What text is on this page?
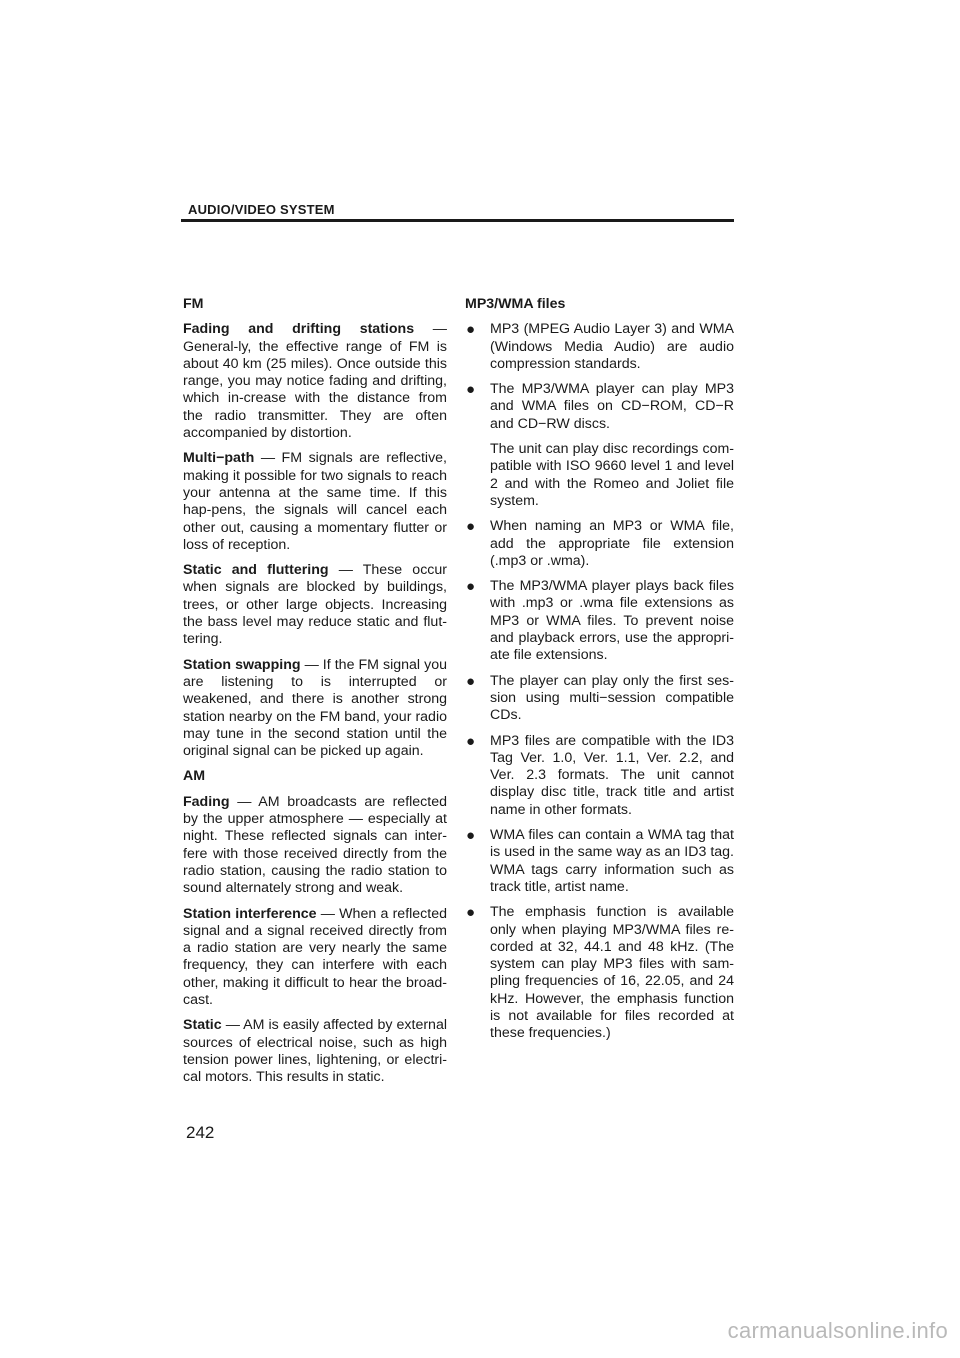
AUDIO/VIDEO SYSTEM
FM

Fading and drifting stations — General-ly, the effective range of FM is about 40 km (25 miles). Once outside this range, you may notice fading and drifting, which in-crease with the distance from the radio transmitter. They are often accompanied by distortion.

Multi−path — FM signals are reflective, making it possible for two signals to reach your antenna at the same time. If this hap-pens, the signals will cancel each other out, causing a momentary flutter or loss of reception.

Static and fluttering — These occur when signals are blocked by buildings, trees, or other large objects. Increasing the bass level may reduce static and flut-tering.

Station swapping — If the FM signal you are listening to is interrupted or weakened, and there is another strong station nearby on the FM band, your radio may tune in the second station until the original signal can be picked up again.

AM

Fading — AM broadcasts are reflected by the upper atmosphere — especially at night. These reflected signals can inter-fere with those received directly from the radio station, causing the radio station to sound alternately strong and weak.

Station interference — When a reflected signal and a signal received directly from a radio station are very nearly the same frequency, they can interfere with each other, making it difficult to hear the broad-cast.

Static — AM is easily affected by external sources of electrical noise, such as high tension power lines, lightening, or electri-cal motors. This results in static.

MP3/WMA files
● MP3 (MPEG Audio Layer 3) and WMA (Windows Media Audio) are audio compression standards.
● The MP3/WMA player can play MP3 and WMA files on CD−ROM, CD−R and CD−RW discs.
The unit can play disc recordings com-patible with ISO 9660 level 1 and level 2 and with the Romeo and Joliet file system.
● When naming an MP3 or WMA file, add the appropriate file extension (.mp3 or .wma).
● The MP3/WMA player plays back files with .mp3 or .wma file extensions as MP3 or WMA files. To prevent noise and playback errors, use the appropri-ate file extensions.
● The player can play only the first ses-sion using multi−session compatible CDs.
● MP3 files are compatible with the ID3 Tag Ver. 1.0, Ver. 1.1, Ver. 2.2, and Ver. 2.3 formats. The unit cannot display disc title, track title and artist name in other formats.
● WMA files can contain a WMA tag that is used in the same way as an ID3 tag. WMA tags carry information such as track title, artist name.
● The emphasis function is available only when playing MP3/WMA files re-corded at 32, 44.1 and 48 kHz. (The system can play MP3 files with sam-pling frequencies of 16, 22.05, and 24 kHz. However, the emphasis function is not available for files recorded at these frequencies.)
242
carmanualsonline.info
